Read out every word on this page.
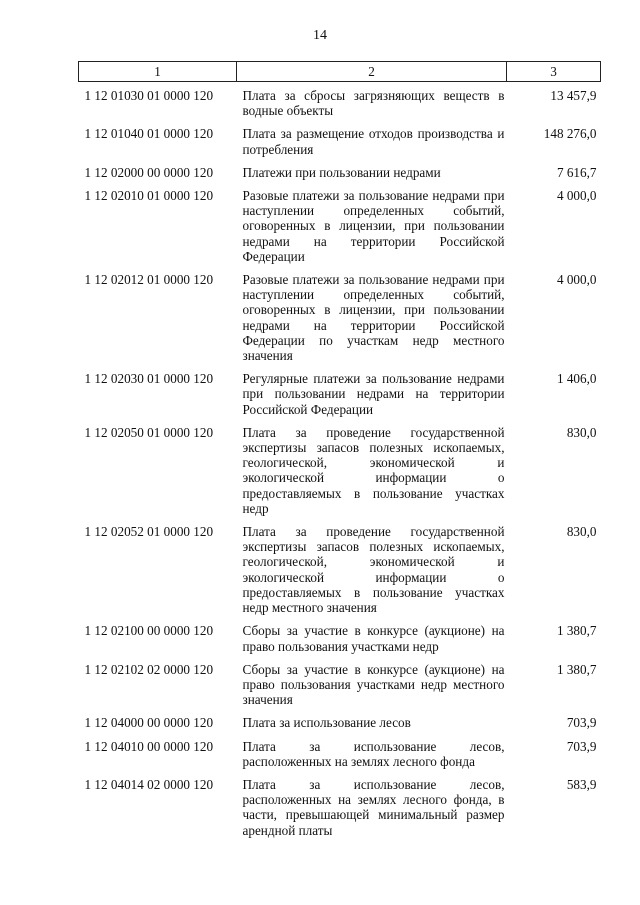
14
1	2	3
1 12 01030 01 0000 120	Плата за сбросы загрязняющих веществ в водные объекты	13 457,9
1 12 01040 01 0000 120	Плата за размещение отходов производства и потребления	148 276,0
1 12 02000 00 0000 120	Платежи при пользовании недрами	7 616,7
1 12 02010 01 0000 120	Разовые платежи за пользование недрами при наступлении определенных событий, оговоренных в лицензии, при пользовании недрами на территории Российской Федерации	4 000,0
1 12 02012 01 0000 120	Разовые платежи за пользование недрами при наступлении определенных событий, оговоренных в лицензии, при пользовании недрами на территории Российской Федерации по участкам недр местного значения	4 000,0
1 12 02030 01 0000 120	Регулярные платежи за пользование недрами при пользовании недрами на территории Российской Федерации	1 406,0
1 12 02050 01 0000 120	Плата за проведение государственной экспертизы запасов полезных ископаемых, геологической, экономической и экологической информации о предоставляемых в пользование участках недр	830,0
1 12 02052 01 0000 120	Плата за проведение государственной экспертизы запасов полезных ископаемых, геологической, экономической и экологической информации о предоставляемых в пользование участках недр местного значения	830,0
1 12 02100 00 0000 120	Сборы за участие в конкурсе (аукционе) на право пользования участками недр	1 380,7
1 12 02102 02 0000 120	Сборы за участие в конкурсе (аукционе) на право пользования участками недр местного значения	1 380,7
1 12 04000 00 0000 120	Плата за использование лесов	703,9
1 12 04010 00 0000 120	Плата за использование лесов, расположенных на землях лесного фонда	703,9
1 12 04014 02 0000 120	Плата за использование лесов, расположенных на землях лесного фонда, в части, превышающей минимальный размер арендной платы	583,9
